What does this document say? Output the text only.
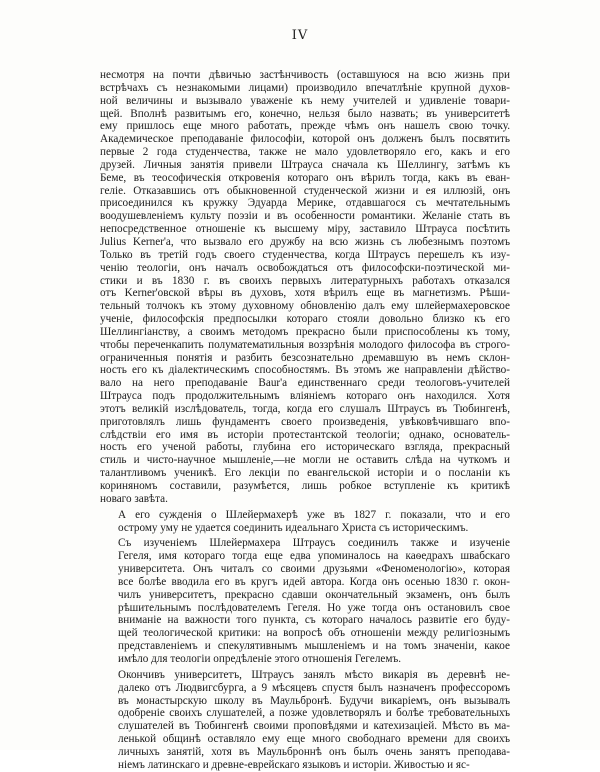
IV

несмотря на почти дѣвичью застѣнчивость (оставшуюся на всю жизнь при
встрѣчахъ съ незнакомыми лицами) производило впечатлѣніе крупной духов-
ной величины и вызывало уваженіе къ нему учителей и удивленіе товари-
щей. Вполнѣ развитымъ его, конечно, нельзя было назвать; въ университетѣ
ему пришлось еще много работать, прежде чѣмъ онъ нашелъ свою точку.
Академическое преподаваніе философіи, которой онъ долженъ былъ посвятить
первые 2 года студенчества, также не мало удовлетворяло его, какъ и его
друзей. Личныя занятія привели Штрауса сначала къ Шеллингу, затѣмъ къ
Беме, въ теософическія откровенія котораго онъ вѣрилъ тогда, какъ въ еван-
геліе. Отказавшись отъ обыкновенной студенческой жизни и ея иллюзій, онъ
присоединился къ кружку Эдуарда Мерике, отдавшагося съ мечтательнымъ
воодушевленіемъ культу поэзіи и въ особенности романтики. Желаніе стать въ
непосредственное отношеніе къ высшему міру, заставило Штрауса посѣтить
Julius Kerner'a, что вызвало его дружбу на всю жизнь съ любезнымъ поэтомъ
Только въ третій годъ своего студенчества, когда Штраусъ перешелъ къ изу-
ченію теологіи, онъ началъ освобождаться отъ философски-поэтической ми-
стики и въ 1830 г. въ своихъ первыхъ литературныхъ работахъ отказался
отъ Kerner'овской вѣры въ духовъ, хотя вѣрилъ еще въ магнетизмъ. Рѣши-
тельный толчокъ къ этому духовному обновленію далъ ему шлейермахеровское
ученіе, философскія предпосылки котораго стояли довольно близко къ его
Шеллингіанству, а своимъ методомъ прекрасно были приспособлены къ тому,
чтобы переченкапить полуматематильныя воззрѣнія молодого философа въ строго-
ограниченныя понятія и разбить безсознательно дремавшую въ немъ склон-
ность его къ діалектическимъ способностямъ. Въ этомъ же направленіи дѣйство-
вало на него преподаваніе Baur'a единственнаго среди теологовъ-учителей
Штрауса подъ продолжительнымъ вліяніемъ котораго онъ находился. Хотя
этотъ великій изслѣдователь, тогда, когда его слушалъ Штраусъ въ Тюбингенѣ,
приготовлялъ лишь фундаментъ своего произведенія, увѣковѣчившаго впо-
слѣдствіи его имя въ исторіи протестантской теологіи; однако, основатель-
ность его ученой работы, глубина его историческаго взгляда, прекрасный
стиль и чисто-научное мышленіе,—не могли не оставить слѣда на чуткомъ и
талантливомъ ученикѣ. Его лекціи по евангельской исторіи и о посланіи къ
кориняномъ составили, разумѣется, лишь робкое вступленіе къ критикѣ
новаго завѣта.

А его сужденія о Шлейермахерѣ уже въ 1827 г. показали, что и его
острому уму не удается соединить идеальнаго Христа съ историческимъ.

Съ изученіемъ Шлейермахера Штраусъ соединилъ также и изученіе
Гегеля, имя котораго тогда еще едва упоминалось на каѳедрахъ швабскаго
университета. Онъ читалъ со своими друзьями «Феноменологію», которая
все болѣе вводила его въ кругъ идей автора. Когда онъ осенью 1830 г. окон-
чилъ университетъ, прекрасно сдавши окончательный экзаменъ, онъ былъ
рѣшительнымъ послѣдователемъ Гегеля. Но уже тогда онъ остановилъ свое
вниманіе на важности того пункта, съ котораго началось развитіе его буду-
щей теологической критики: на вопросѣ объ отношеніи между религіознымъ
представленіемъ и спекулятивнымъ мышленіемъ и на томъ значеніи, какое
имѣло для теологіи опредѣленіе этого отношенія Гегелемъ.

Окончивъ университетъ, Штраусъ занялъ мѣсто викарія въ деревнѣ не-
далеко отъ Людвигсбурга, а 9 мѣсяцевъ спустя былъ назначенъ профессоромъ
въ монастырскую школу въ Маульбронѣ. Будучи викаріемъ, онъ вызывалъ
одобреніе своихъ слушателей, а позже удовлетворялъ и болѣе требовательныхъ
слушателей въ Тюбингенѣ своими проповѣдями и катехизаціей. Мѣсто въ ма-
ленькой общинѣ оставляло ему еще много свободнаго времени для своихъ
личныхъ занятій, хотя въ Маульброннѣ онъ былъ очень занятъ преподава-
ніемъ латинскаго и древне-еврейскаго языковъ и исторіи. Живостью и яс-
